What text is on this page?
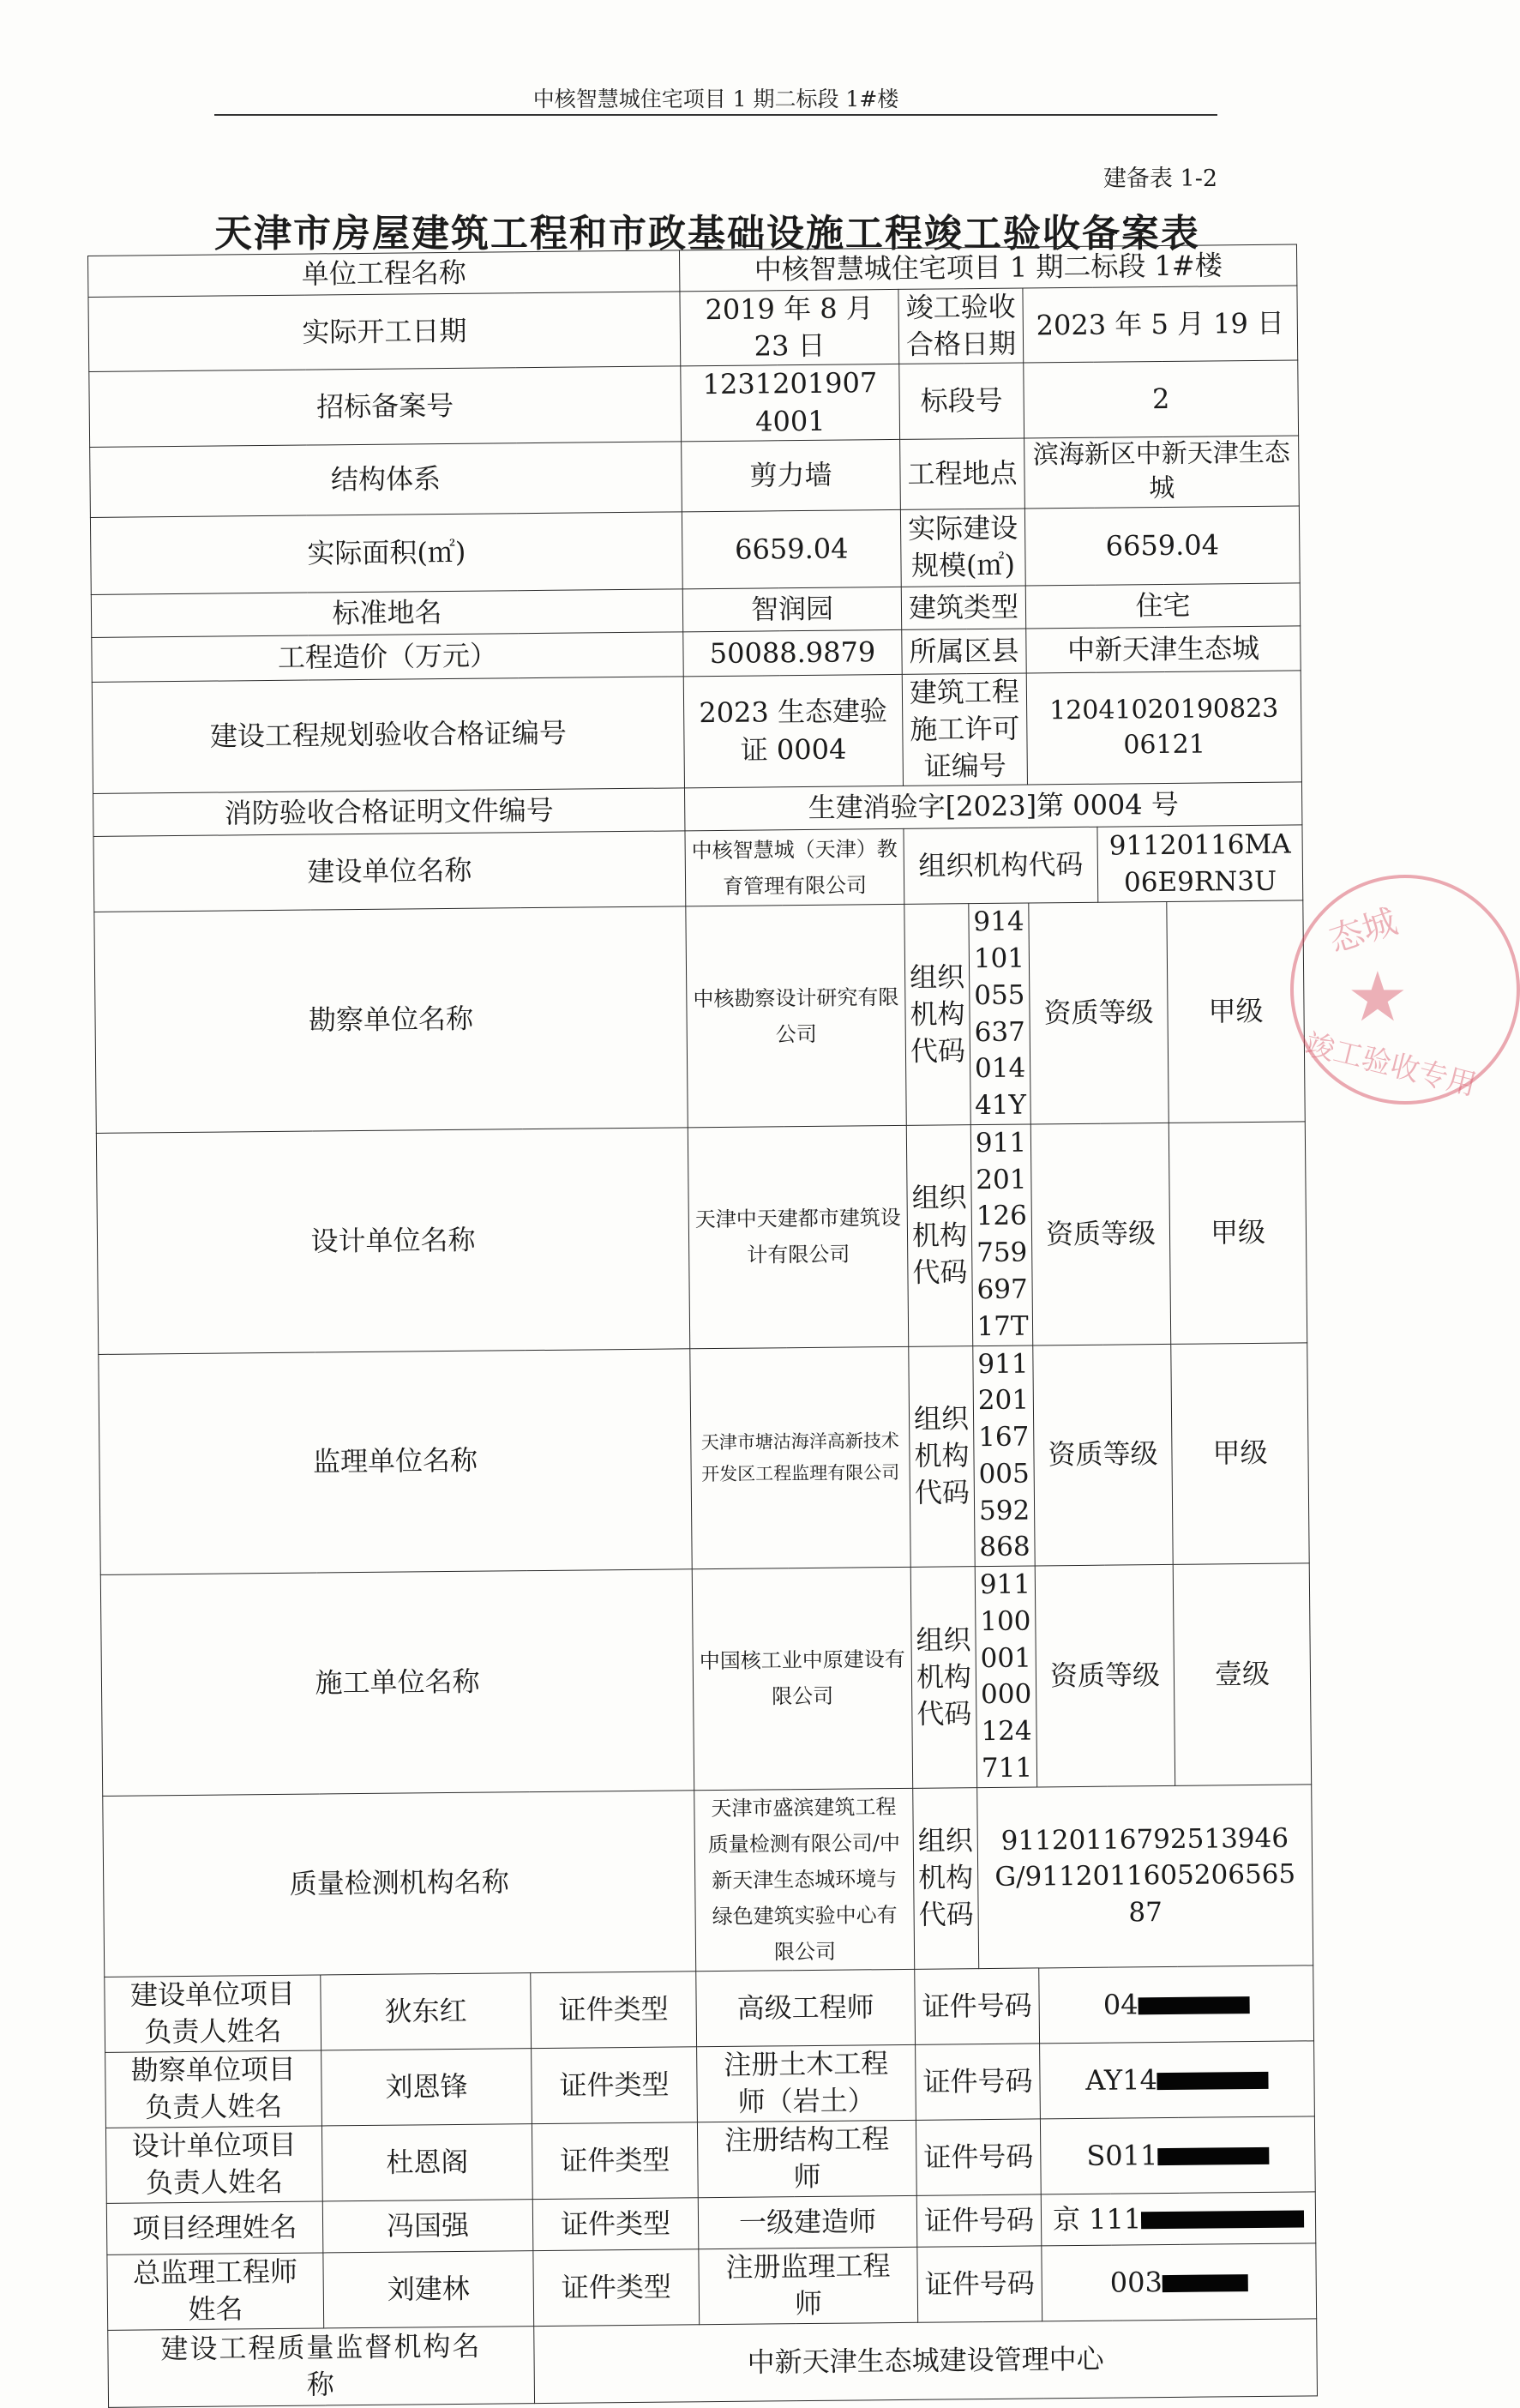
中核智慧城住宅项目 1 期二标段 1#楼
建备表 1-2
天津市房屋建筑工程和市政基础设施工程竣工验收备案表
单位工程名称			中核智慧城住宅项目 1 期二标段 1#楼					
实际开工日期			2019 年 8 月 23 日	竣工验收合格日期		2023 年 5 月 19 日		
招标备案号			12312019074001	标段号		2		
结构体系			剪力墙	工程地点		滨海新区中新天津生态城		
实际面积(㎡)			6659.04	实际建设规模(㎡)		6659.04		
标准地名			智润园	建筑类型		住宅		
工程造价（万元）			50088.9879	所属区县		中新天津生态城		
建设工程规划验收合格证编号			2023 生态建验证 0004	建筑工程施工许可证编号		12041020190823 06121		
消防验收合格证明文件编号			生建消验字[2023]第 0004 号					
建设单位名称			中核智慧城（天津）教育管理有限公司	组织机构代码			91120116MA06E9RN3U	
勘察单位名称			中核勘察设计研究有限公司	组织机构代码	91410105563701441Y	资质等级		甲级
设计单位名称			天津中天建都市建筑设计有限公司	组织机构代码	91120112675969717T	资质等级		甲级
监理单位名称			天津市塘沽海洋高新技术开发区工程监理有限公司	组织机构代码	911201167005592868	资质等级		甲级
施工单位名称			中国核工业中原建设有限公司	组织机构代码	911100001000124711	资质等级		壹级
质量检测机构名称			天津市盛滨建筑工程质量检测有限公司/中新天津生态城环境与绿色建筑实验中心有限公司	组织机构代码	91120116792513946G/911201160520656587			
建设单位项目负责人姓名	狄东红	证件类型	高级工程师	证件号码		04		
勘察单位项目负责人姓名	刘恩锋	证件类型	注册土木工程师（岩土）	证件号码		AY14		
设计单位项目负责人姓名	杜恩阁	证件类型	注册结构工程师	证件号码		S011		
项目经理姓名	冯国强	证件类型	一级建造师	证件号码		京 111		
总监理工程师姓名	刘建林	证件类型	注册监理工程师	证件号码		003		
建设工程质量监督机构名称		中新天津生态城建设管理中心						
态城
★
竣工验收专用
